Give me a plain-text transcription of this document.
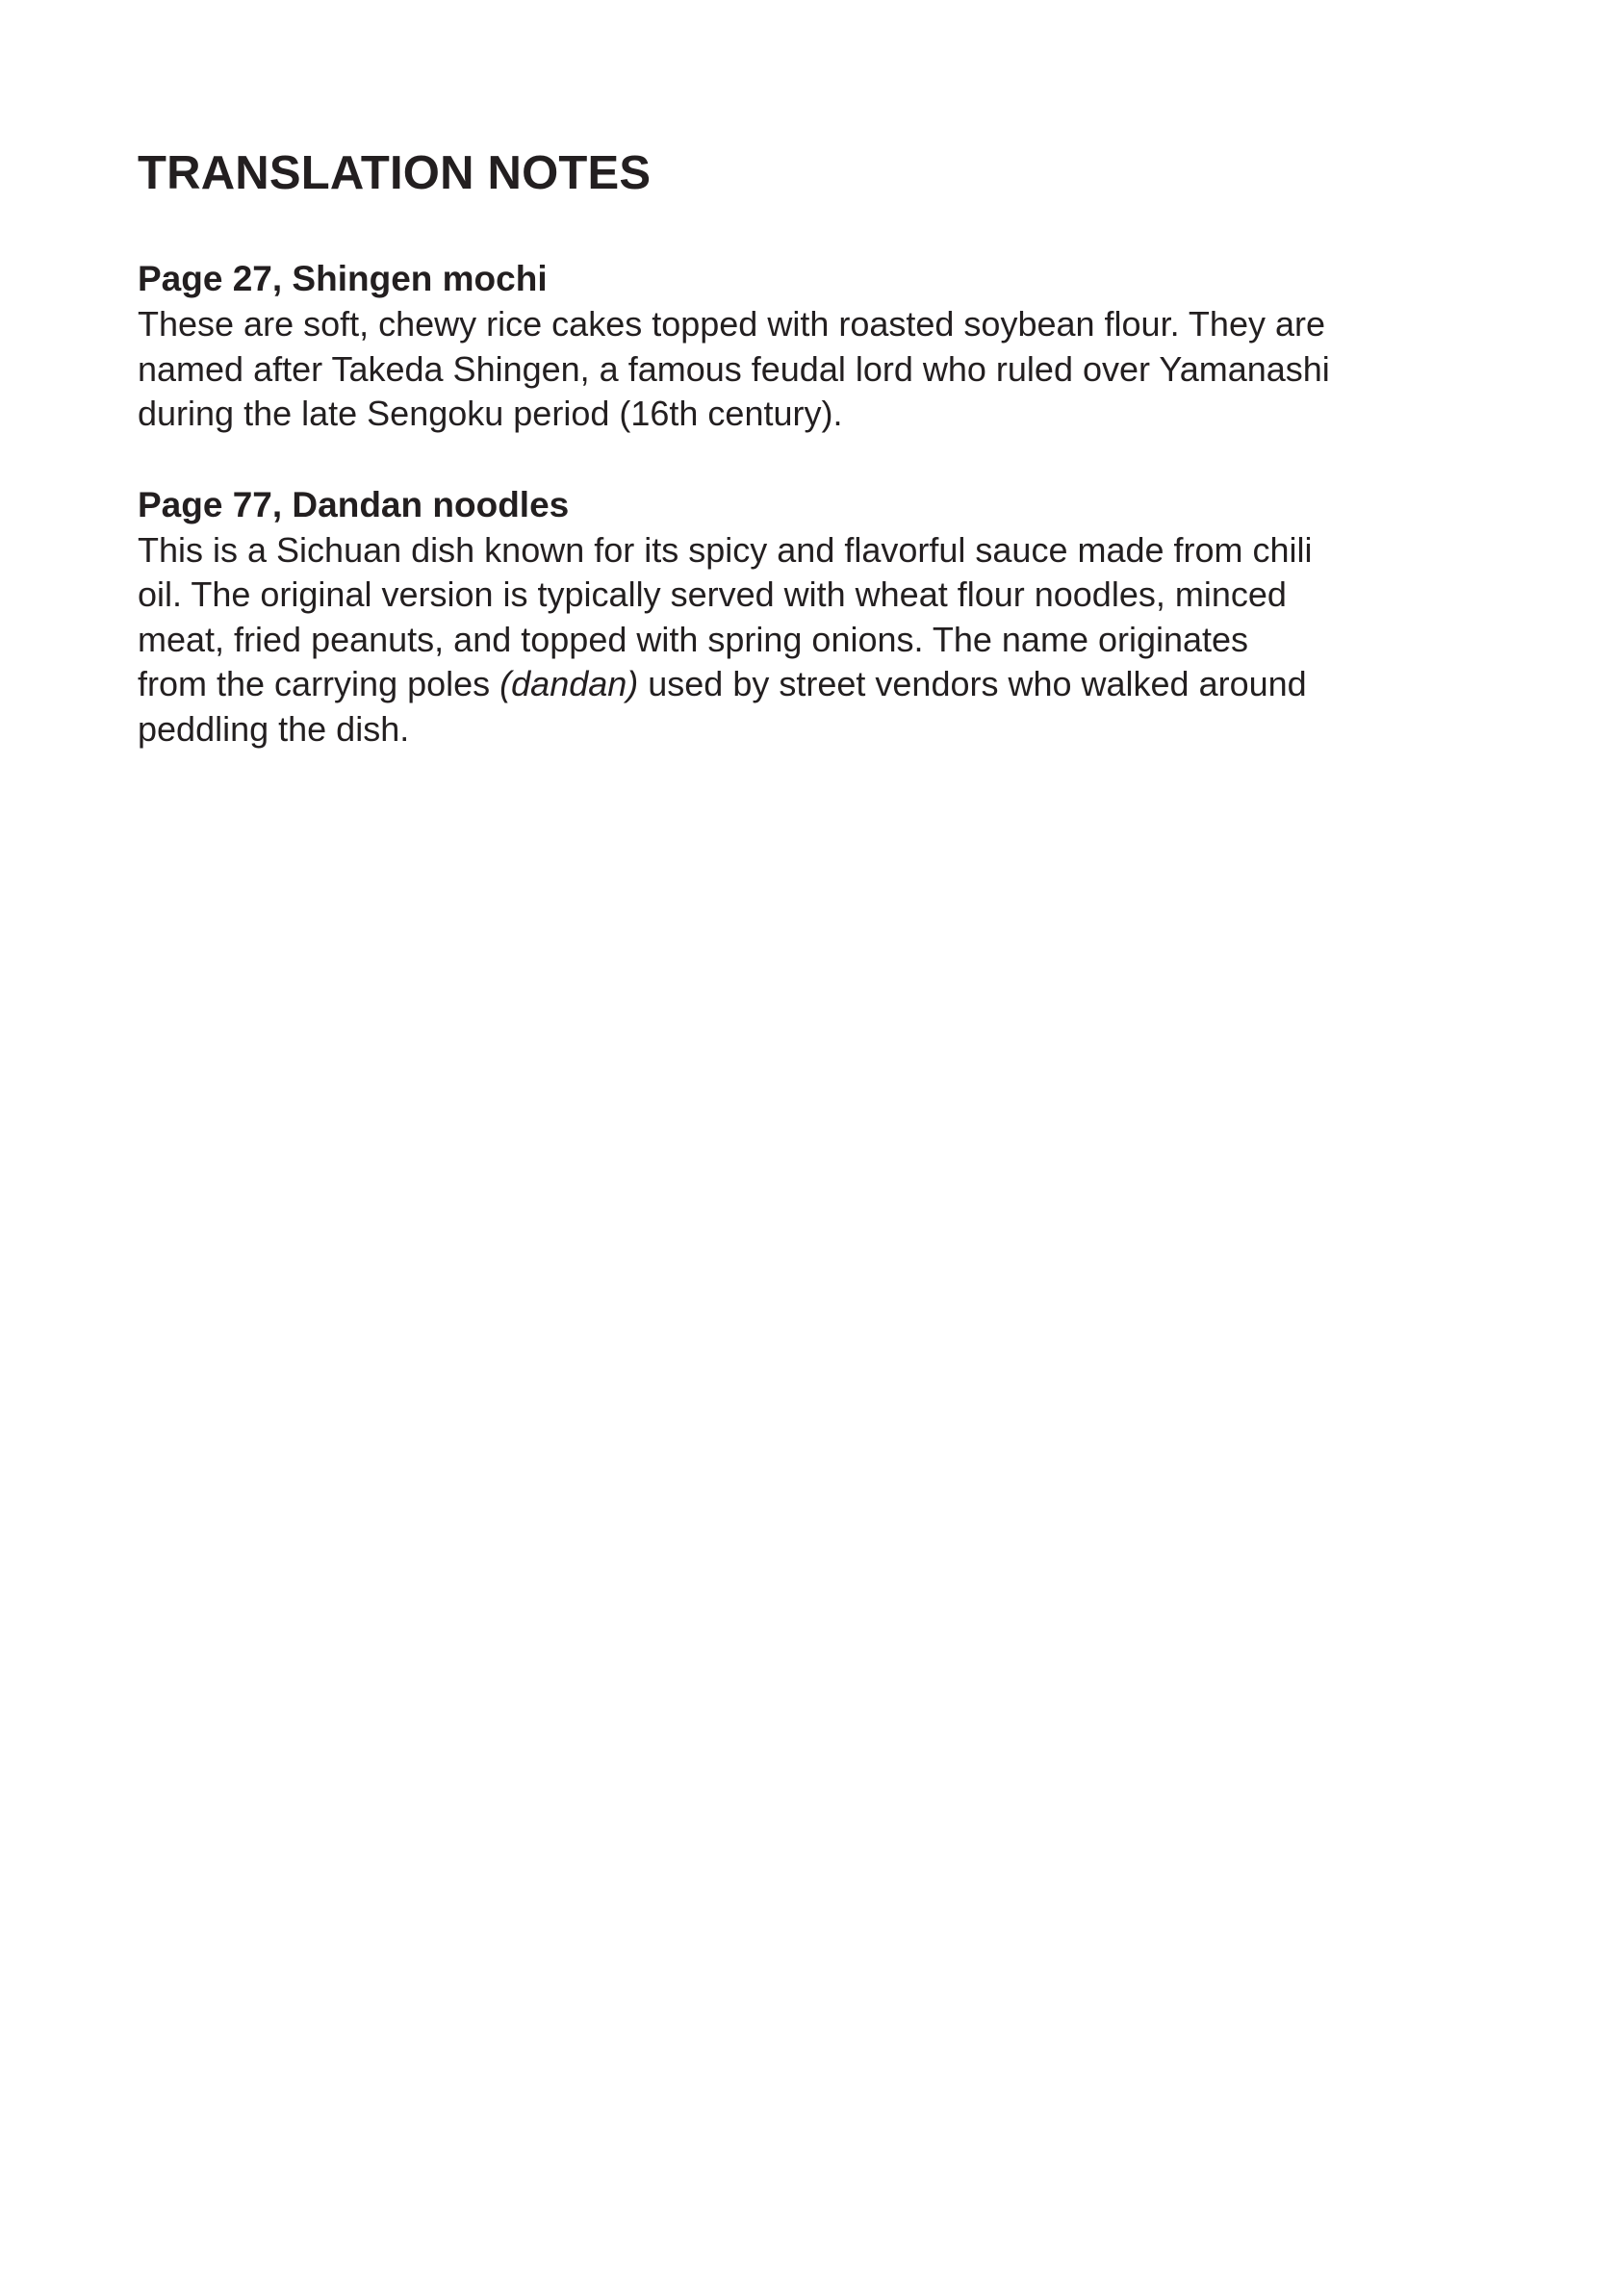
TRANSLATION NOTES

Page 27, Shingen mochi

These are soft, chewy rice cakes topped with roasted soybean flour. They are
named after Takeda Shingen, a famous feudal lord who ruled over Yamanashi
during the late Sengoku period (16th century).

Page 77, Dandan noodles

This is a Sichuan dish known for its spicy and flavorful sauce made from chili
oil. The original version is typically served with wheat flour noodles, minced
meat, fried peanuts, and topped with spring onions. The name originates
from the carrying poles (dandan) used by street vendors who walked around
peddling the dish.
